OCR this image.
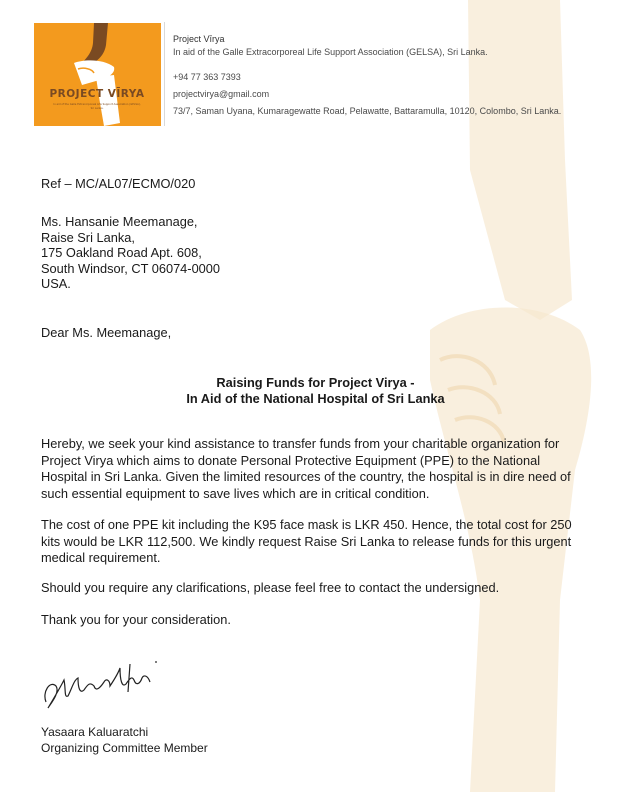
PROJECT VĪRYA
In aid of the Galle Extracorporeal Life Support Association (GELSA),
Sri Lanka.
Project Vīrya
In aid of the Galle Extracorporeal Life Support Association (GELSA), Sri Lanka.
+94 77 363 7393
projectvirya@gmail.com
73/7, Saman Uyana, Kumaragewatte Road, Pelawatte, Battaramulla, 10120, Colombo, Sri Lanka.
Ref – MC/AL07/ECMO/020
Ms. Hansanie Meemanage,
Raise Sri Lanka,
175 Oakland Road Apt. 608,
South Windsor, CT 06074-0000
USA.
Dear Ms. Meemanage,
Raising Funds for Project Virya -
In Aid of the National Hospital of Sri Lanka
Hereby, we seek your kind assistance to transfer funds from your charitable organization for Project Virya which aims to donate Personal Protective Equipment (PPE) to the National Hospital in Sri Lanka. Given the limited resources of the country, the hospital is in dire need of such essential equipment to save lives which are in critical condition.
The cost of one PPE kit including the K95 face mask is LKR 450. Hence, the total cost for 250 kits would be LKR 112,500. We kindly request Raise Sri Lanka to release funds for this urgent medical requirement.
Should you require any clarifications, please feel free to contact the undersigned.
Thank you for your consideration.
Yasaara Kaluaratchi
Organizing Committee Member
